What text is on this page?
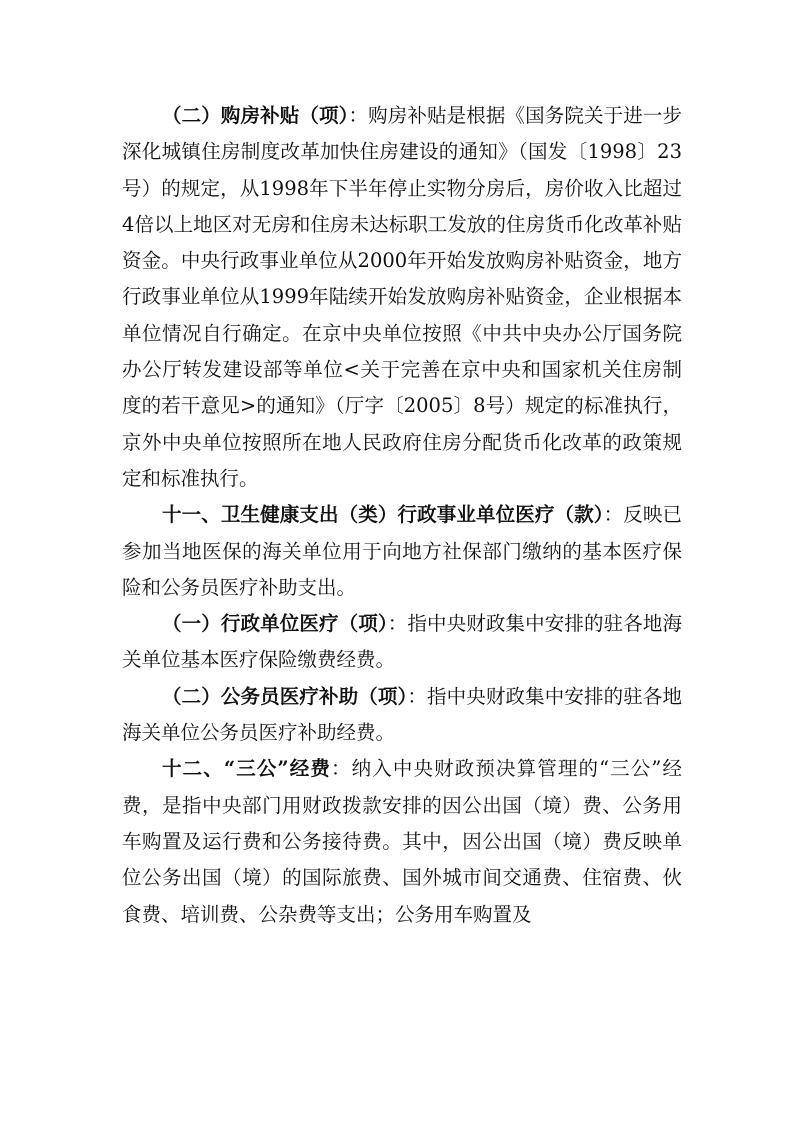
（二）购房补贴（项）：购房补贴是根据《国务院关于进一步深化城镇住房制度改革加快住房建设的通知》（国发〔1998〕23号）的规定，从1998年下半年停止实物分房后，房价收入比超过4倍以上地区对无房和住房未达标职工发放的住房货币化改革补贴资金。中央行政事业单位从2000年开始发放购房补贴资金，地方行政事业单位从1999年陆续开始发放购房补贴资金，企业根据本单位情况自行确定。在京中央单位按照《中共中央办公厅国务院办公厅转发建设部等单位<关于完善在京中央和国家机关住房制度的若干意见>的通知》（厅字〔2005〕8号）规定的标准执行，京外中央单位按照所在地人民政府住房分配货币化改革的政策规定和标准执行。

十一、卫生健康支出（类）行政事业单位医疗（款）：反映已参加当地医保的海关单位用于向地方社保部门缴纳的基本医疗保险和公务员医疗补助支出。

（一）行政单位医疗（项）：指中央财政集中安排的驻各地海关单位基本医疗保险缴费经费。

（二）公务员医疗补助（项）：指中央财政集中安排的驻各地海关单位公务员医疗补助经费。

十二、“三公”经费：纳入中央财政预决算管理的“三公”经费，是指中央部门用财政拨款安排的因公出国（境）费、公务用车购置及运行费和公务接待费。其中，因公出国（境）费反映单位公务出国（境）的国际旅费、国外城市间交通费、住宿费、伙食费、培训费、公杂费等支出；公务用车购置及
